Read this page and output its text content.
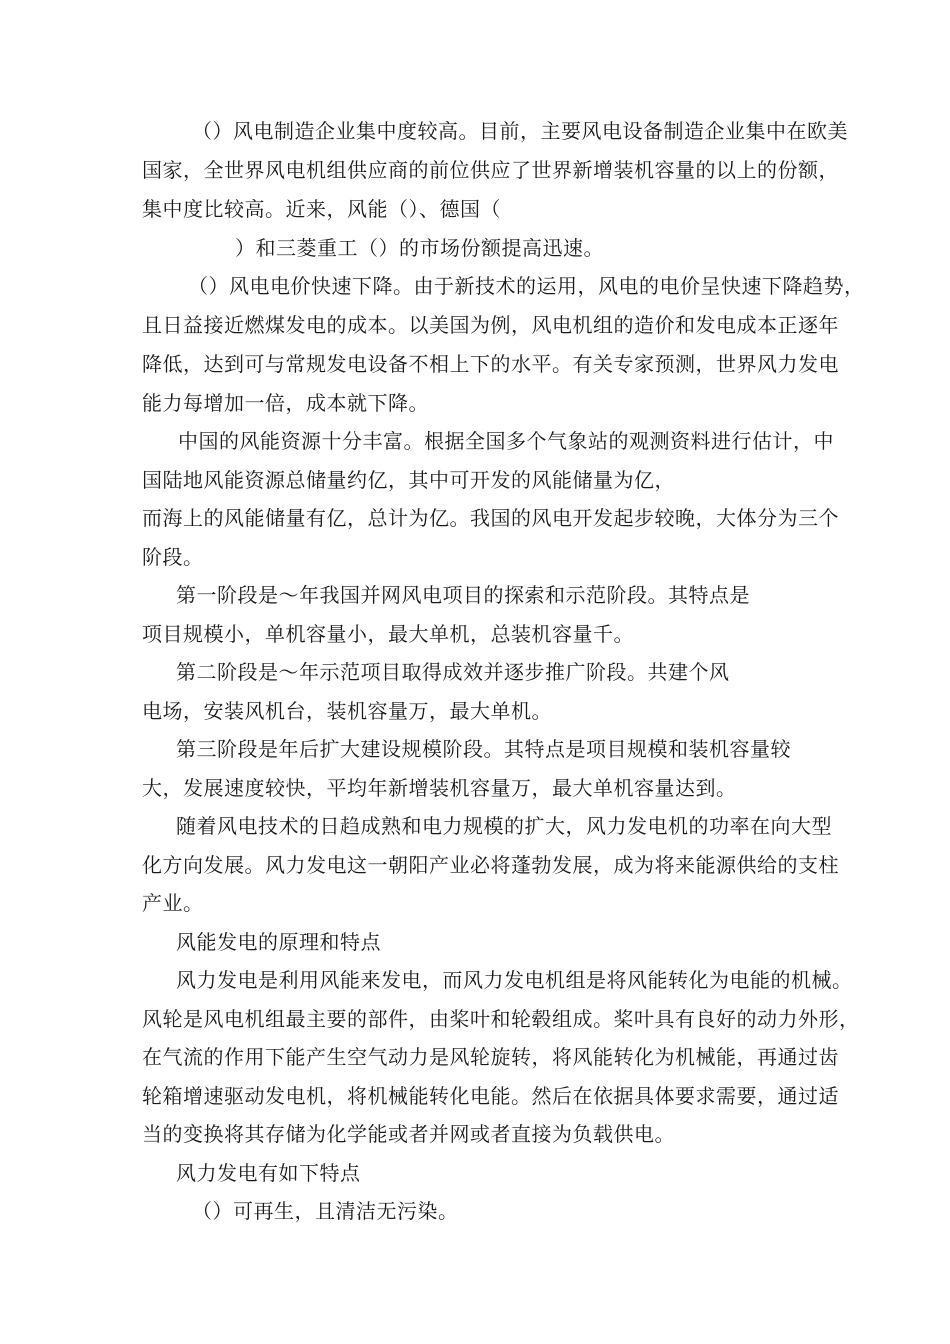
（）风电制造企业集中度较高。目前，主要风电设备制造企业集中在欧美
国家，全世界风电机组供应商的前位供应了世界新增装机容量的以上的份额，
集中度比较高。近来，风能（）、德国（
）和三菱重工（）的市场份额提高迅速。
（）风电电价快速下降。由于新技术的运用，风电的电价呈快速下降趋势，
且日益接近燃煤发电的成本。以美国为例，风电机组的造价和发电成本正逐年
降低，达到可与常规发电设备不相上下的水平。有关专家预测，世界风力发电
能力每增加一倍，成本就下降。
中国的风能资源十分丰富。根据全国多个气象站的观测资料进行估计，中
国陆地风能资源总储量约亿，其中可开发的风能储量为亿，
而海上的风能储量有亿，总计为亿。我国的风电开发起步较晚，大体分为三个
阶段。
第一阶段是～年我国并网风电项目的探索和示范阶段。其特点是
项目规模小，单机容量小，最大单机，总装机容量千。
第二阶段是～年示范项目取得成效并逐步推广阶段。共建个风
电场，安装风机台，装机容量万，最大单机。
第三阶段是年后扩大建设规模阶段。其特点是项目规模和装机容量较
大，发展速度较快，平均年新增装机容量万，最大单机容量达到。
随着风电技术的日趋成熟和电力规模的扩大，风力发电机的功率在向大型
化方向发展。风力发电这一朝阳产业必将蓬勃发展，成为将来能源供给的支柱
产业。
风能发电的原理和特点
风力发电是利用风能来发电，而风力发电机组是将风能转化为电能的机械。
风轮是风电机组最主要的部件，由桨叶和轮毂组成。桨叶具有良好的动力外形，
在气流的作用下能产生空气动力是风轮旋转，将风能转化为机械能，再通过齿
轮箱增速驱动发电机，将机械能转化电能。然后在依据具体要求需要，通过适
当的变换将其存储为化学能或者并网或者直接为负载供电。
风力发电有如下特点
（）可再生，且清洁无污染。
